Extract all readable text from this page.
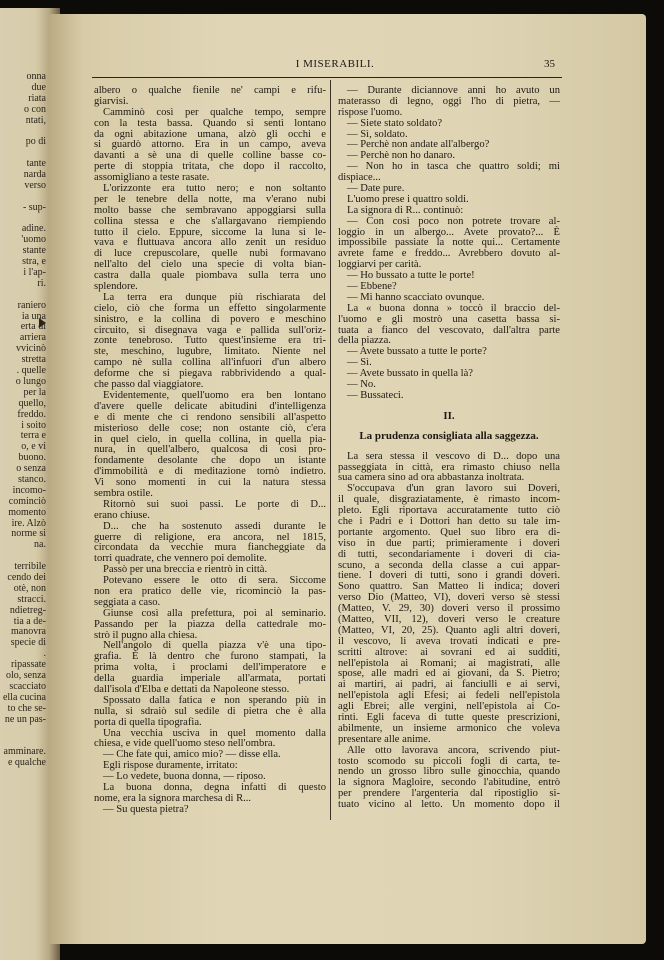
onna
due
riata
o con
ntati,
po di
tante
narda
verso
- sup-
adine.
'uomo
stante
stra, e
i l'ap-
ri.
raniero
ia una
erta di
arriera
vvicinò
stretta
. quelle
o lungo
per la
quello,
freddo.
i soito
terra e
o, e vi
buono.
o senza
stanco.
incomo-
cominciò
momento
ire. Alzò
norme si
na.
terribile
cendo dei
otè, non
stracci.
ndietreg-
tia a de-
manovra
specie di
.
ripassate
olo, senza
scacciato
ella cucina
to che se-
ne un pas-
amminare.
e qualche
I MISERABILI.	35
albero o qualche fienile ne' campi e rifu-
giarvisi.
Camminò così per qualche tempo, sempre
con la testa bassa. Quando si sentì lontano
da ogni abitazione umana, alzò gli occhi e
si guardò attorno. Era in un campo, aveva
davanti a sè una di quelle colline basse co-
perte di stoppia tritata, che dopo il raccolto,
assomigliano a teste rasate.
L'orizzonte era tutto nero; e non soltanto
per le tenebre della notte, ma v'erano nubi
molto basse che sembravano appoggiarsi sulla
collina stessa e che s'allargavano riempiendo
tutto il cielo. Eppure, siccome la luna si le-
vava e fluttuava ancora allo zenit un residuo
di luce crepuscolare, quelle nubi formavano
nell'alto del cielo una specie di volta bian-
castra dalla quale piombava sulla terra uno
splendore.
La terra era dunque più rischiarata del
cielo, ciò che forma un effetto singolarmente
sinistro, e la collina di povero e meschino
circuito, si disegnava vaga e pallida sull'oriz-
zonte tenebroso. Tutto quest'insieme era tri-
ste, meschino, lugubre, limitato. Niente nel
campo nè sulla collina all'infuori d'un albero
deforme che si piegava rabbrividendo a qual-
che passo dal viaggiatore.
Evidentemente, quell'uomo era ben lontano
d'avere quelle delicate abitudini d'intelligenza
e di mente che ci rendono sensibili all'aspetto
misterioso delle cose; non ostante ciò, c'era
in quel cielo, in quella collina, in quella pia-
nura, in quell'albero, qualcosa di così pro-
fondamente desolante che dopo un istante
d'immobilità e di meditazione tornò indietro.
Vi sono momenti in cui la natura stessa
sembra ostile.
Ritornò sui suoi passi. Le porte di D...
erano chiuse.
D... che ha sostenuto assedi durante le
guerre di religione, era ancora, nel 1815,
circondata da vecchie mura fiancheggiate da
torri quadrate, che vennero poi demolite.
Passò per una breccia e rientrò in città.
Potevano essere le otto di sera. Siccome
non era pratico delle vie, ricominciò la pas-
seggiata a caso.
Giunse così alla prefettura, poi al seminario.
Passando per la piazza della cattedrale mo-
strò il pugno alla chiesa.
Nell'angolo di quella piazza v'è una tipo-
grafia. È là dentro che furono stampati, la
prima volta, i proclami dell'imperatore e
della guardia imperiale all'armata, portati
dall'isola d'Elba e dettati da Napoleone stesso.
Spossato dalla fatica e non sperando più in
nulla, si sdraiò sul sedile di pietra che è alla
porta di quella tipografia.
Una vecchia usciva in quel momento dalla
chiesa, e vide quell'uomo steso nell'ombra.
— Che fate qui, amico mio? — disse ella.
Egli rispose duramente, irritato:
— Lo vedete, buona donna, — riposo.
La buona donna, degna infatti di questo
nome, era la signora marchesa di R...
— Su questa pietra?
— Durante diciannove anni ho avuto un
materasso di legno, oggi l'ho di pietra, —
rispose l'uomo.
— Siete stato soldato?
— Sì, soldato.
— Perchè non andate all'albergo?
— Perchè non ho danaro.
— Non ho in tasca che quattro soldi; mi
dispiace...
— Date pure.
L'uomo prese i quattro soldi.
La signora di R... continuò:
— Con così poco non potrete trovare al-
loggio in un albergo... Avete provato?... È
impossibile passiate la notte qui... Certamente
avrete fame e freddo... Avrebbero dovuto al-
loggiarvi per carità.
— Ho bussato a tutte le porte!
— Ebbene?
— Mi hanno scacciato ovunque.
La « buona donna » toccò il braccio del-
l'uomo e gli mostrò una casetta bassa si-
tuata a fianco del vescovato, dall'altra parte
della piazza.
— Avete bussato a tutte le porte?
— Sì.
— Avete bussato in quella là?
— No.
— Bussateci.
II.
La prudenza consigliata alla saggezza.
La sera stessa il vescovo di D... dopo una
passeggiata in città, era rimasto chiuso nella
sua camera sino ad ora abbastanza inoltrata.
S'occupava d'un gran lavoro sui Doveri,
il quale, disgraziatamente, è rimasto incom-
pleto. Egli riportava accuratamente tutto ciò
che i Padri e i Dottori han detto su tale im-
portante argomento. Quel suo libro era di-
viso in due parti; primieramente i doveri
di tutti, secondariamente i doveri di cia-
scuno, a seconda della classe a cui appar-
tiene. I doveri di tutti, sono i grandi doveri.
Sono quattro. San Matteo li indica; doveri
verso Dio (Matteo, VI), doveri verso sè stessi
(Matteo, V. 29, 30) doveri verso il prossimo
(Matteo, VII, 12), doveri verso le creature
(Matteo, VI, 20, 25). Quanto agli altri doveri,
il vescovo, li aveva trovati indicati e pre-
scritti altrove: ai sovrani ed ai sudditi,
nell'epistola ai Romani; ai magistrati, alle
spose, alle madri ed ai giovani, da S. Pietro;
ai martiri, ai padri, ai fanciulli e ai servi,
nell'epistola agli Efesi; ai fedeli nell'epistola
agli Ebrei; alle vergini, nell'epistola ai Co-
rinti. Egli faceva di tutte queste prescrizioni,
abilmente, un insieme armonico che voleva
presentare alle anime.
Alle otto lavorava ancora, scrivendo piut-
tosto scomodo su piccoli fogli di carta, te-
nendo un grosso libro sulle ginocchia, quando
la signora Magloire, secondo l'abitudine, entrò
per prendere l'argenteria dal ripostiglio si-
tuato vicino al letto. Un momento dopo il
